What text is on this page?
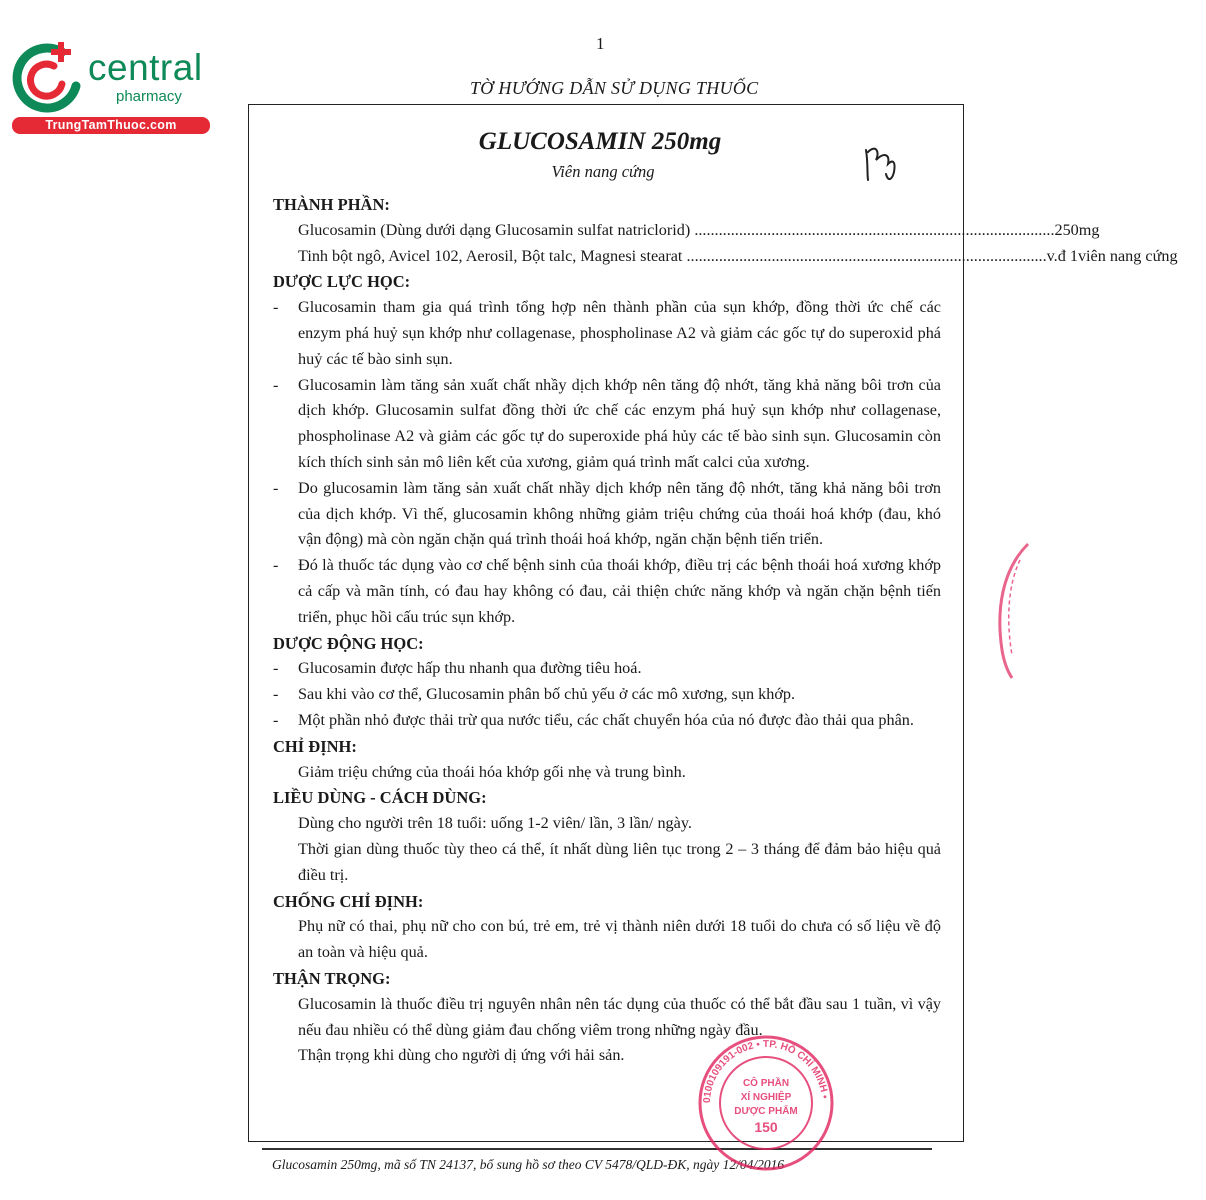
central
pharmacy
TrungTamThuoc.com
1
TỜ HƯỚNG DẪN SỬ DỤNG THUỐC
GLUCOSAMIN 250mg
Viên nang cứng
THÀNH PHẦN:
Glucosamin (Dùng dưới dạng Glucosamin sulfat natriclorid) ......................................................................................... 250mg
Tinh bột ngô, Avicel 102, Aerosil, Bột talc, Magnesi stearat ......................................................................................... v.đ 1viên nang cứng
DƯỢC LỰC HỌC:
-	Glucosamin tham gia quá trình tổng hợp nên thành phần của sụn khớp, đồng thời ức chế các enzym phá huỷ sụn khớp như collagenase, phospholinase A2 và giảm các gốc tự do superoxid phá huỷ các tế bào sinh sụn.
-	Glucosamin làm tăng sản xuất chất nhầy dịch khớp nên tăng độ nhớt, tăng khả năng bôi trơn của dịch khớp. Glucosamin sulfat đồng thời ức chế các enzym phá huỷ sụn khớp như collagenase, phospholinase A2 và giảm các gốc tự do superoxide phá hủy các tế bào sinh sụn. Glucosamin còn kích thích sinh sản mô liên kết của xương, giảm quá trình mất calci của xương.
-	Do glucosamin làm tăng sản xuất chất nhầy dịch khớp nên tăng độ nhớt, tăng khả năng bôi trơn của dịch khớp. Vì thế, glucosamin không những giảm triệu chứng của thoái hoá khớp (đau, khó vận động) mà còn ngăn chặn quá trình thoái hoá khớp, ngăn chặn bệnh tiến triển.
-	Đó là thuốc tác dụng vào cơ chế bệnh sinh của thoái khớp, điều trị các bệnh thoái hoá xương khớp cả cấp và mãn tính, có đau hay không có đau, cải thiện chức năng khớp và ngăn chặn bệnh tiến triển, phục hồi cấu trúc sụn khớp.
DƯỢC ĐỘNG HỌC:
-	Glucosamin được hấp thu nhanh qua đường tiêu hoá.
-	Sau khi vào cơ thể, Glucosamin phân bố chủ yếu ở các mô xương, sụn khớp.
-	Một phần nhỏ được thải trừ qua nước tiểu, các chất chuyển hóa của nó được đào thải qua phân.
CHỈ ĐỊNH:
Giảm triệu chứng của thoái hóa khớp gối nhẹ và trung bình.
LIỀU DÙNG - CÁCH DÙNG:
Dùng cho người trên 18 tuổi: uống 1-2 viên/ lần, 3 lần/ ngày.
Thời gian dùng thuốc tùy theo cá thể, ít nhất dùng liên tục trong 2 – 3 tháng để đảm bảo hiệu quả điều trị.
CHỐNG CHỈ ĐỊNH:
Phụ nữ có thai, phụ nữ cho con bú, trẻ em, trẻ vị thành niên dưới 18 tuổi do chưa có số liệu về độ an toàn và hiệu quả.
THẬN TRỌNG:
Glucosamin là thuốc điều trị nguyên nhân nên tác dụng của thuốc có thể bắt đầu sau 1 tuần, vì vậy nếu đau nhiều có thể dùng giảm đau chống viêm trong những ngày đầu.
Thận trọng khi dùng cho người dị ứng với hải sản.
Glucosamin 250mg, mã số TN 24137, bổ sung hồ sơ theo CV 5478/QLD-ĐK, ngày 12/04/2016
0100109191-002 • TP. HỒ CHÍ MINH •
CÔ PHẦN
XÍ NGHIỆP
DƯỢC PHẨM
150
